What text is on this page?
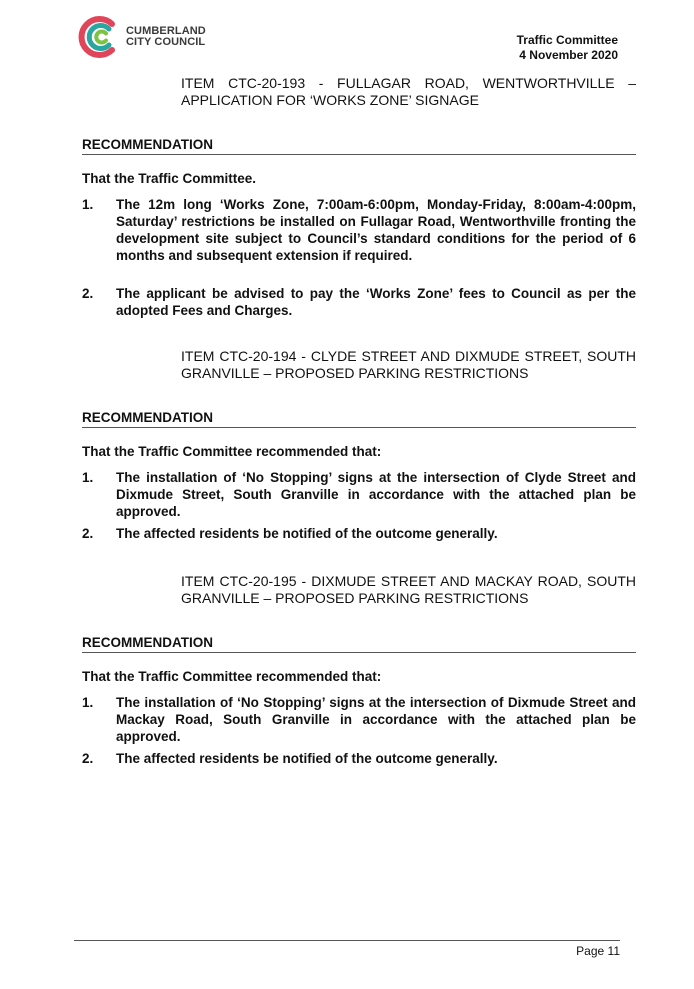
CUMBERLAND
CITY COUNCIL	Traffic Committee
4 November 2020
ITEM CTC-20-193 - FULLAGAR ROAD, WENTWORTHVILLE – APPLICATION FOR ‘WORKS ZONE’ SIGNAGE
RECOMMENDATION
That the Traffic Committee.
1. The 12m long ‘Works Zone, 7:00am-6:00pm, Monday-Friday, 8:00am-4:00pm, Saturday’ restrictions be installed on Fullagar Road, Wentworthville fronting the development site subject to Council’s standard conditions for the period of 6 months and subsequent extension if required.
2. The applicant be advised to pay the ‘Works Zone’ fees to Council as per the adopted Fees and Charges.
ITEM CTC-20-194 - CLYDE STREET AND DIXMUDE STREET, SOUTH GRANVILLE – PROPOSED PARKING RESTRICTIONS
RECOMMENDATION
That the Traffic Committee recommended that:
1. The installation of ‘No Stopping’ signs at the intersection of Clyde Street and Dixmude Street, South Granville in accordance with the attached plan be approved.
2. The affected residents be notified of the outcome generally.
ITEM CTC-20-195 - DIXMUDE STREET AND MACKAY ROAD, SOUTH GRANVILLE – PROPOSED PARKING RESTRICTIONS
RECOMMENDATION
That the Traffic Committee recommended that:
1. The installation of ‘No Stopping’ signs at the intersection of Dixmude Street and Mackay Road, South Granville in accordance with the attached plan be approved.
2. The affected residents be notified of the outcome generally.
Page 11
